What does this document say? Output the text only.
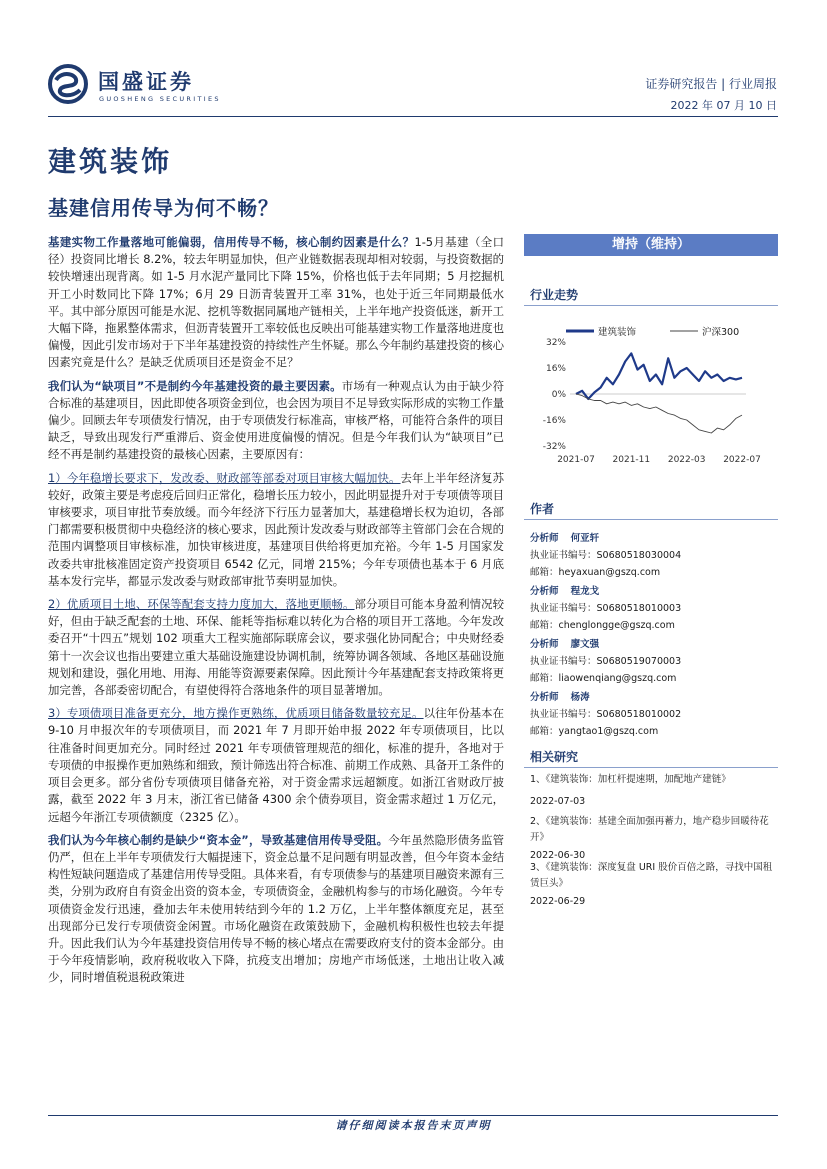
国盛证券
GUOSHENG SECURITIES
证券研究报告 | 行业周报
2022 年 07 月 10 日
建筑装饰
基建信用传导为何不畅？

基建实物工作量落地可能偏弱，信用传导不畅，核心制约因素是什么？1-5月基建（全口径）投资同比增长 8.2%，较去年明显加快，但产业链数据表现却相对较弱，与投资数据的较快增速出现背离。如 1-5 月水泥产量同比下降 15%，价格也低于去年同期；5 月挖掘机开工小时数同比下降 17%；6月 29 日沥青装置开工率 31%，也处于近三年同期最低水平。其中部分原因可能是水泥、挖机等数据同属地产链相关，上半年地产投资低迷，新开工大幅下降，拖累整体需求，但沥青装置开工率较低也反映出可能基建实物工作量落地进度也偏慢，因此引发市场对于下半年基建投资的持续性产生怀疑。那么今年制约基建投资的核心因素究竟是什么？是缺乏优质项目还是资金不足？

我们认为“缺项目”不是制约今年基建投资的最主要因素。市场有一种观点认为由于缺少符合标准的基建项目，因此即使各项资金到位，也会因为项目不足导致实际形成的实物工作量偏少。回顾去年专项债发行情况，由于专项债发行标准高，审核严格，可能符合条件的项目缺乏，导致出现发行严重滞后、资金使用进度偏慢的情况。但是今年我们认为“缺项目”已经不再是制约基建投资的最核心因素，主要原因有：

1）今年稳增长要求下，发改委、财政部等部委对项目审核大幅加快。去年上半年经济复苏较好，政策主要是考虑疫后回归正常化，稳增长压力较小，因此明显提升对于专项债等项目审核要求，项目审批节奏放缓。而今年经济下行压力显著加大，基建稳增长权为迫切，各部门都需要积极贯彻中央稳经济的核心要求，因此预计发改委与财政部等主管部门会在合规的范围内调整项目审核标准，加快审核进度，基建项目供给将更加充裕。今年 1-5 月国家发改委共审批核准固定资产投资项目 6542 亿元，同增 215%；今年专项债也基本于 6 月底基本发行完毕，都显示发改委与财政部审批节奏明显加快。

2）优质项目土地、环保等配套支持力度加大，落地更顺畅。部分项目可能本身盈利情况较好，但由于缺乏配套的土地、环保、能耗等指标难以转化为合格的项目开工落地。今年发改委召开“十四五”规划 102 项重大工程实施部际联席会议，要求强化协同配合；中央财经委第十一次会议也指出要建立重大基础设施建设协调机制，统筹协调各领域、各地区基础设施规划和建设，强化用地、用海、用能等资源要素保障。因此预计今年基建配套支持政策将更加完善，各部委密切配合，有望使得符合落地条件的项目显著增加。

3）专项债项目准备更充分，地方操作更熟练，优质项目储备数量较充足。以往年份基本在 9-10 月申报次年的专项债项目，而 2021 年 7 月即开始申报 2022 年专项债项目，比以往准备时间更加充分。同时经过 2021 年专项债管理规范的细化，标准的提升，各地对于专项债的申报操作更加熟练和细致，预计筛选出符合标准、前期工作成熟、具备开工条件的项目会更多。部分省份专项债项目储备充裕，对于资金需求远超额度。如浙江省财政厅披露，截至 2022 年 3 月末，浙江省已储备 4300 余个债券项目，资金需求超过 1 万亿元，远超今年浙江专项债额度（2325 亿）。

我们认为今年核心制约是缺少“资本金”，导致基建信用传导受阻。今年虽然隐形债务监管仍严，但在上半年专项债发行大幅提速下，资金总量不足问题有明显改善，但今年资本金结构性短缺问题造成了基建信用传导受阻。具体来看，有专项债参与的基建项目融资来源有三类，分别为政府自有资金出资的资本金，专项债资金，金融机构参与的市场化融资。今年专项债资金发行迅速，叠加去年未使用转结到今年的 1.2 万亿，上半年整体额度充足，甚至出现部分已发行专项债资金闲置。市场化融资在政策鼓励下，金融机构积极性也较去年提升。因此我们认为今年基建投资信用传导不畅的核心堵点在需要政府支付的资本金部分。由于今年疫情影响，政府税收收入下降，抗疫支出增加；房地产市场低迷，土地出让收入减少，同时增值税退税政策进

增持（维持）
行业走势
建筑装饰	沪深300
32%
16%
0%
-16%
-32%
2021-07 2021-11 2022-03 2022-07
作者
分析师 何亚轩
执业证书编号：S0680518030004
邮箱：heyaxuan@gszq.com
分析师 程龙戈
执业证书编号：S0680518010003
邮箱：chenglongge@gszq.com
分析师 廖文强
执业证书编号：S0680519070003
邮箱：liaowenqiang@gszq.com
分析师 杨涛
执业证书编号：S0680518010002
邮箱：yangtao1@gszq.com
相关研究
1、《建筑装饰：加杠杆提速期，加配地产建链》
2022-07-03
2、《建筑装饰：基建全面加强再蓄力，地产稳步回暖待花开》
2022-06-30
3、《建筑装饰：深度复盘 URI 股价百倍之路，寻找中国租赁巨头》
2022-06-29
请仔细阅读本报告末页声明
